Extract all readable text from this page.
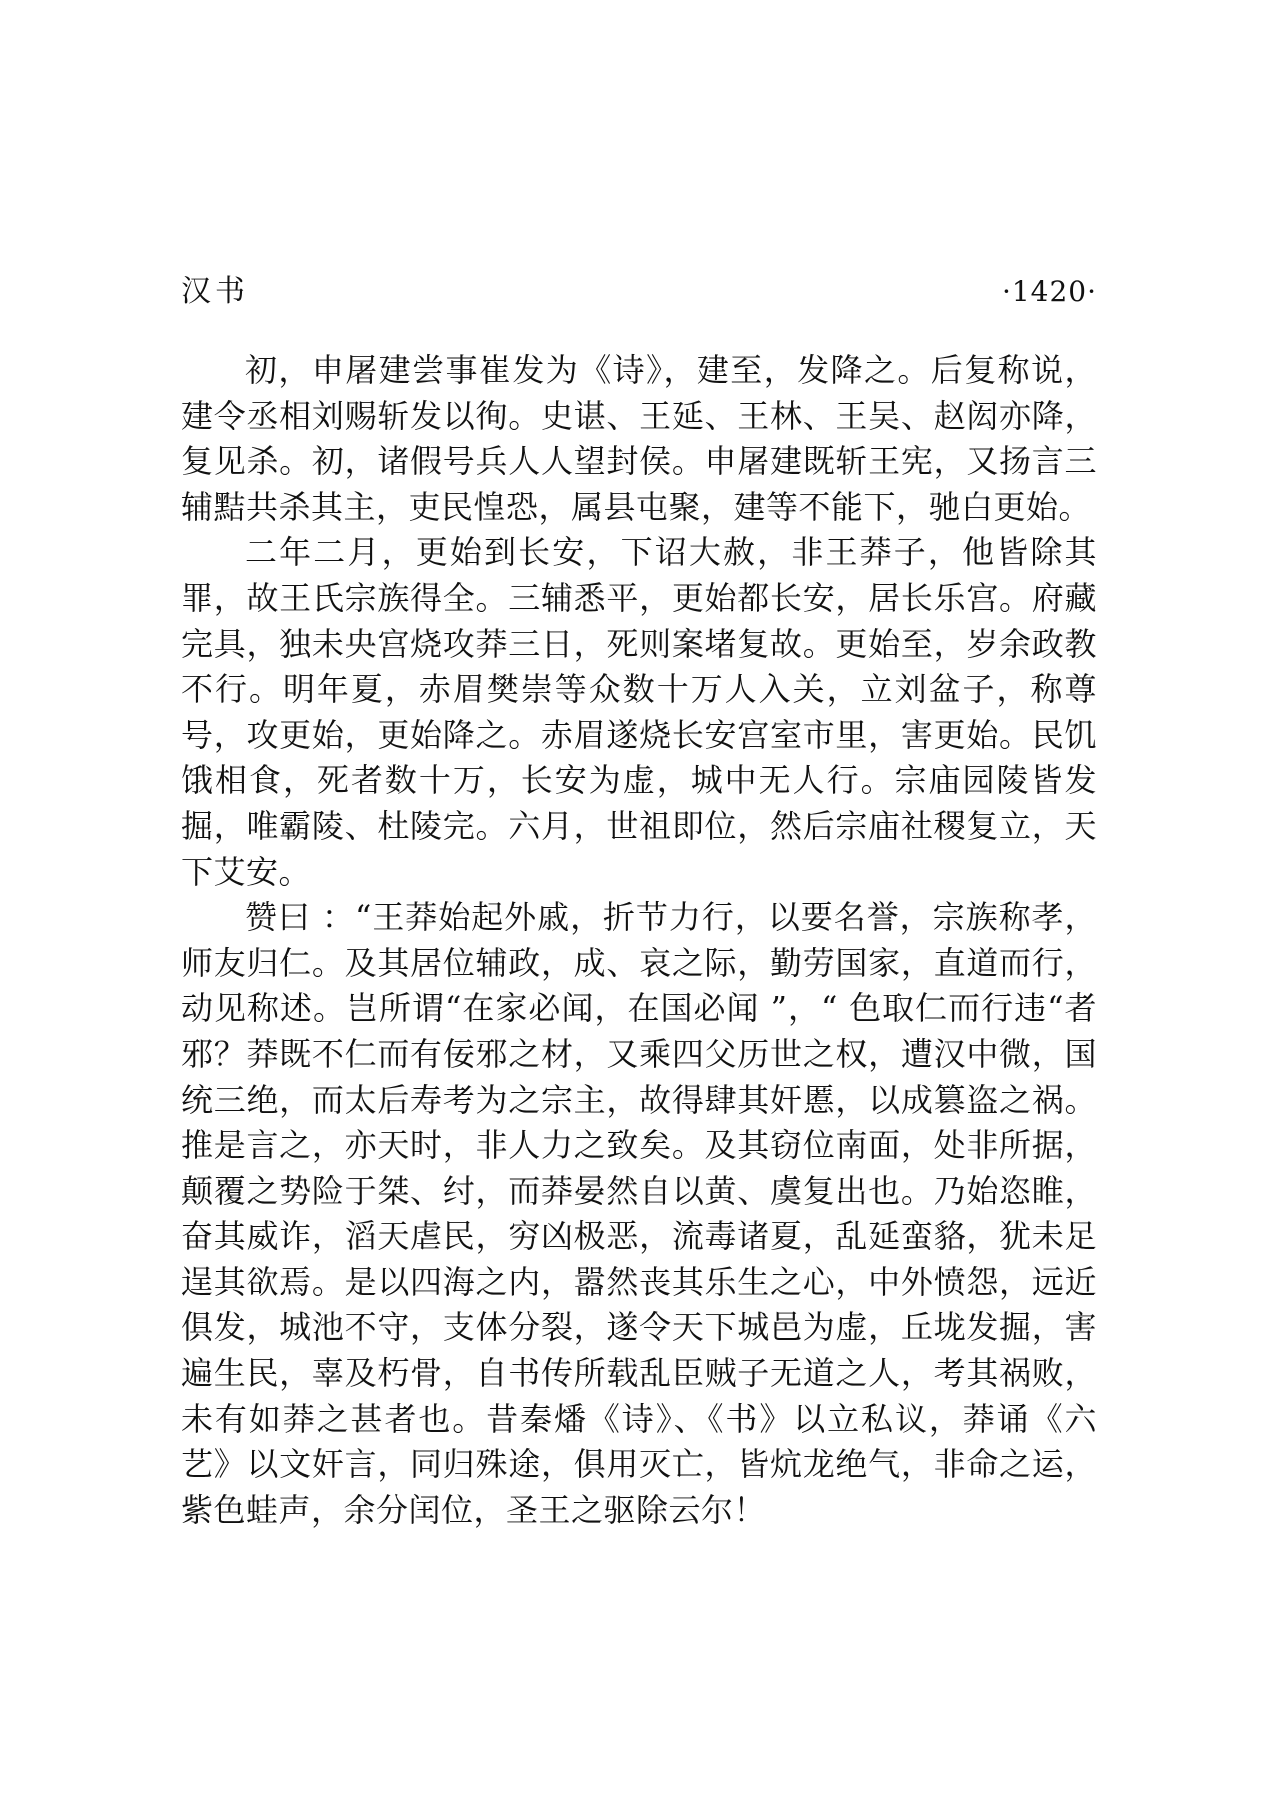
汉书	·1420·

初，申屠建尝事崔发为《诗》，建至，发降之。后复称说，建令丞相刘赐斩发以徇。史谌、王延、王林、王吴、赵闳亦降，复见杀。初，诸假号兵人人望封侯。申屠建既斩王宪，又扬言三辅黠共杀其主，吏民惶恐，属县屯聚，建等不能下，驰白更始。

二年二月，更始到长安，下诏大赦，非王莽子，他皆除其罪，故王氏宗族得全。三辅悉平，更始都长安，居长乐宫。府藏完具，独未央宫烧攻莽三日，死则案堵复故。更始至，岁余政教不行。明年夏，赤眉樊崇等众数十万人入关，立刘盆子，称尊号，攻更始，更始降之。赤眉遂烧长安宫室市里，害更始。民饥饿相食，死者数十万，长安为虚，城中无人行。宗庙园陵皆发掘，唯霸陵、杜陵完。六月，世祖即位，然后宗庙社稷复立，天下艾安。

赞曰 ：“王莽始起外戚，折节力行，以要名誉，宗族称孝，师友归仁。及其居位辅政，成、哀之际，勤劳国家，直道而行，动见称述。岂所谓“在家必闻，在国必闻 ”，“ 色取仁而行违“者邪？莽既不仁而有佞邪之材，又乘四父历世之权，遭汉中微，国统三绝，而太后寿考为之宗主，故得肆其奸慝，以成篡盗之祸。推是言之，亦天时，非人力之致矣。及其窃位南面，处非所据，颠覆之势险于桀、纣，而莽晏然自以黄、虞复出也。乃始恣睢，奋其威诈，滔天虐民，穷凶极恶，流毒诸夏，乱延蛮貉，犹未足逞其欲焉。是以四海之内，嚣然丧其乐生之心，中外愤怨，远近俱发，城池不守，支体分裂，遂令天下城邑为虚，丘垅发掘，害遍生民，辜及朽骨，自书传所载乱臣贼子无道之人，考其祸败，未有如莽之甚者也。昔秦燔《诗》、《书》以立私议，莽诵《六艺》以文奸言，同归殊途，俱用灭亡，皆炕龙绝气，非命之运，紫色蛙声，余分闰位，圣王之驱除云尔！
